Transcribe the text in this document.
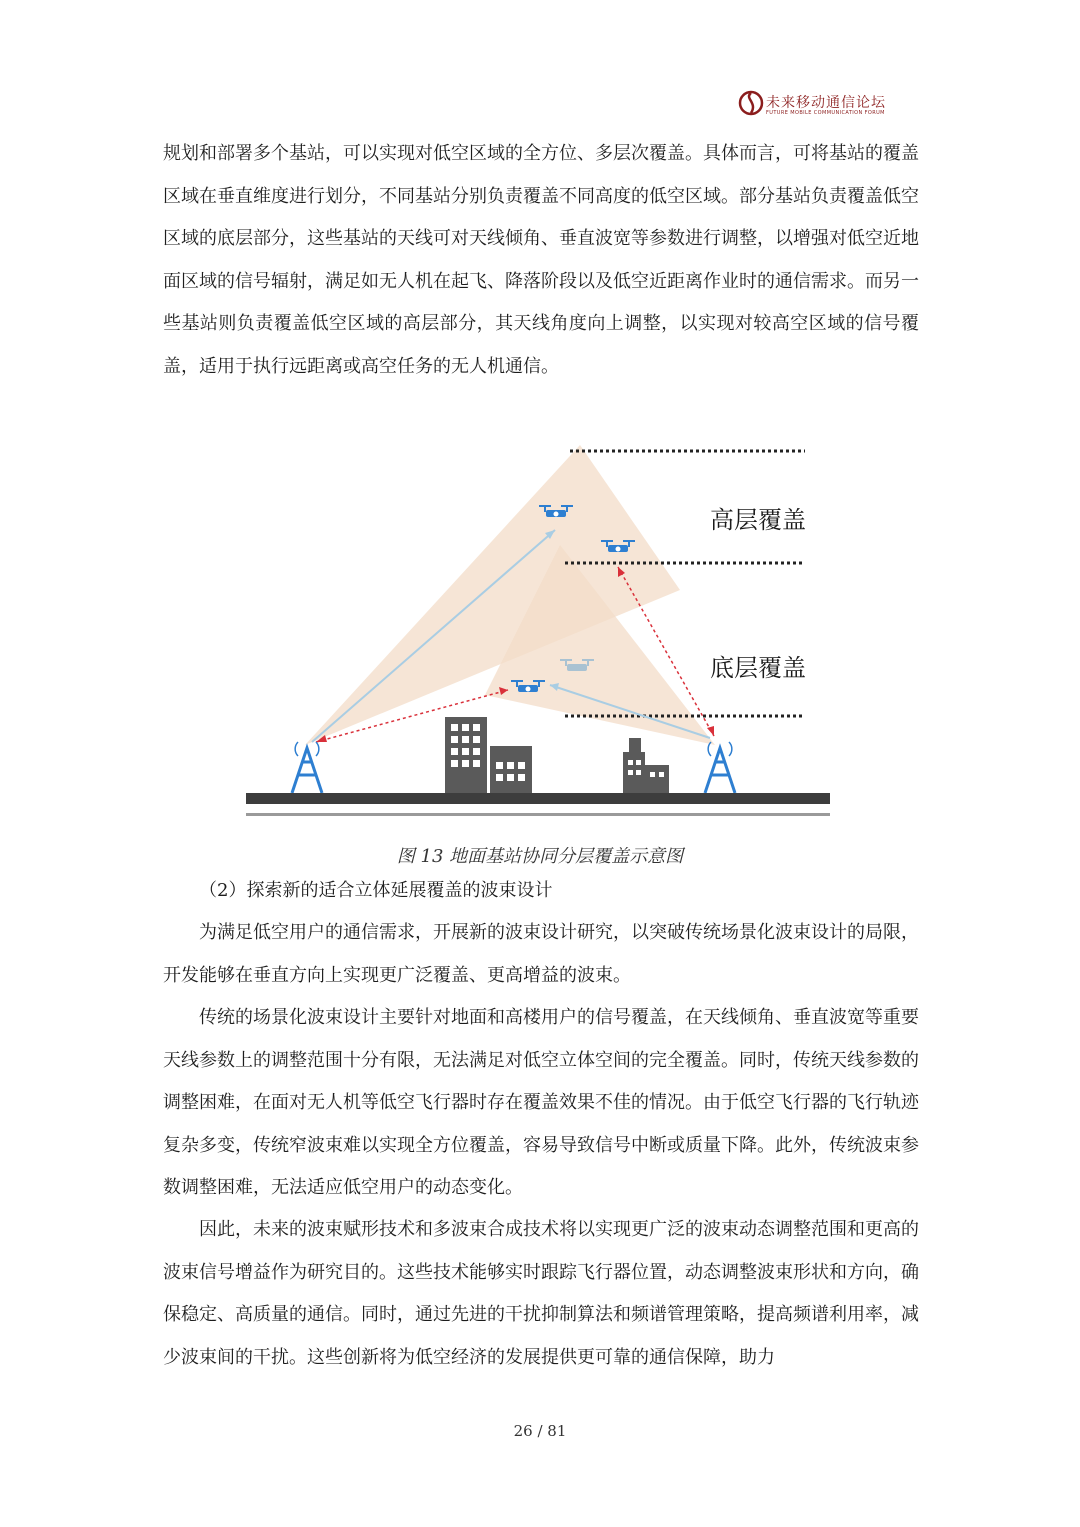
未来移动通信论坛
FUTURE MOBILE COMMUNICATION FORUM

规划和部署多个基站，可以实现对低空区域的全方位、多层次覆盖。具体而言，可将基站的覆盖区域在垂直维度进行划分，不同基站分别负责覆盖不同高度的低空区域。部分基站负责覆盖低空区域的底层部分，这些基站的天线可对天线倾角、垂直波宽等参数进行调整，以增强对低空近地面区域的信号辐射，满足如无人机在起飞、降落阶段以及低空近距离作业时的通信需求。而另一些基站则负责覆盖低空区域的高层部分，其天线角度向上调整，以实现对较高空区域的信号覆盖，适用于执行远距离或高空任务的无人机通信。

高层覆盖
底层覆盖
图 13 地面基站协同分层覆盖示意图
（2）探索新的适合立体延展覆盖的波束设计

为满足低空用户的通信需求，开展新的波束设计研究，以突破传统场景化波束设计的局限，开发能够在垂直方向上实现更广泛覆盖、更高增益的波束。

传统的场景化波束设计主要针对地面和高楼用户的信号覆盖，在天线倾角、垂直波宽等重要天线参数上的调整范围十分有限，无法满足对低空立体空间的完全覆盖。同时，传统天线参数的调整困难，在面对无人机等低空飞行器时存在覆盖效果不佳的情况。由于低空飞行器的飞行轨迹复杂多变，传统窄波束难以实现全方位覆盖，容易导致信号中断或质量下降。此外，传统波束参数调整困难，无法适应低空用户的动态变化。

因此，未来的波束赋形技术和多波束合成技术将以实现更广泛的波束动态调整范围和更高的波束信号增益作为研究目的。这些技术能够实时跟踪飞行器位置，动态调整波束形状和方向，确保稳定、高质量的通信。同时，通过先进的干扰抑制算法和频谱管理策略，提高频谱利用率，减少波束间的干扰。这些创新将为低空经济的发展提供更可靠的通信保障，助力

26 / 81
